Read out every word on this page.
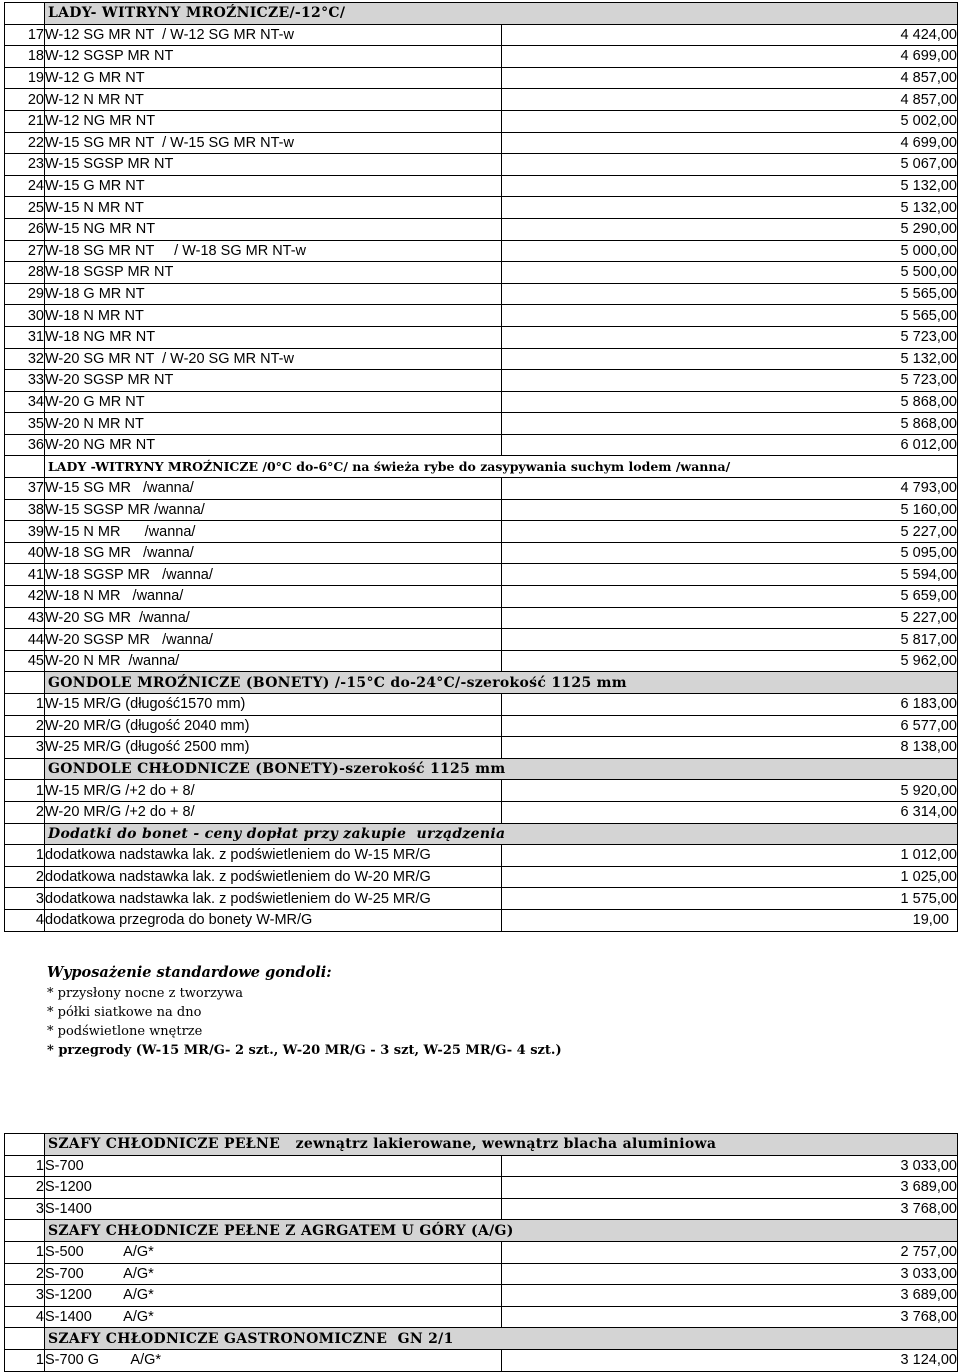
	LADY- WITRYNY MROŹNICZE/-12°C/	
17	W-12 SG MR NT  / W-12 SG MR NT-w	4 424,00
18	W-12 SGSP MR NT	4 699,00
19	W-12 G MR NT	4 857,00
20	W-12 N MR NT	4 857,00
21	W-12 NG MR NT	5 002,00
22	W-15 SG MR NT  / W-15 SG MR NT-w	4 699,00
23	W-15 SGSP MR NT	5 067,00
24	W-15 G MR NT	5 132,00
25	W-15 N MR NT	5 132,00
26	W-15 NG MR NT	5 290,00
27	W-18 SG MR NT     / W-18 SG MR NT-w	5 000,00
28	W-18 SGSP MR NT	5 500,00
29	W-18 G MR NT	5 565,00
30	W-18 N MR NT	5 565,00
31	W-18 NG MR NT	5 723,00
32	W-20 SG MR NT  / W-20 SG MR NT-w	5 132,00
33	W-20 SGSP MR NT	5 723,00
34	W-20 G MR NT	5 868,00
35	W-20 N MR NT	5 868,00
36	W-20 NG MR NT	6 012,00
	LADY -WITRYNY MROŹNICZE /0°C do-6°C/ na świeża rybe do zasypywania suchym lodem /wanna/	
37	W-15 SG MR   /wanna/	4 793,00
38	W-15 SGSP MR /wanna/	5 160,00
39	W-15 N MR      /wanna/	5 227,00
40	W-18 SG MR   /wanna/	5 095,00
41	W-18 SGSP MR   /wanna/	5 594,00
42	W-18 N MR   /wanna/	5 659,00
43	W-20 SG MR  /wanna/	5 227,00
44	W-20 SGSP MR   /wanna/	5 817,00
45	W-20 N MR  /wanna/	5 962,00
	GONDOLE MROŹNICZE (BONETY) /-15°C do-24°C/-szerokość 1125 mm	
1	W-15 MR/G (długość1570 mm)	6 183,00
2	W-20 MR/G (długość 2040 mm)	6 577,00
3	W-25 MR/G (długość 2500 mm)	8 138,00
	GONDOLE CHŁODNICZE (BONETY)-szerokość 1125 mm	
1	W-15 MR/G /+2 do + 8/	5 920,00
2	W-20 MR/G /+2 do + 8/	6 314,00
	Dodatki do bonet - ceny dopłat przy zakupie  urządzenia	
1	dodatkowa nadstawka lak. z podświetleniem do W-15 MR/G	1 012,00
2	dodatkowa nadstawka lak. z podświetleniem do W-20 MR/G	1 025,00
3	dodatkowa nadstawka lak. z podświetleniem do W-25 MR/G	1 575,00
4	dodatkowa przegroda do bonety W-MR/G	19,00
Wyposażenie standardowe gondoli:
* przysłony nocne z tworzywa
* półki siatkowe na dno
* podświetlone wnętrze
* przegrody (W-15 MR/G- 2 szt., W-20 MR/G - 3 szt, W-25 MR/G- 4 szt.)
	SZAFY CHŁODNICZE PEŁNE   zewnątrz lakierowane, wewnątrz blacha aluminiowa	
1	S-700	3 033,00
2	S-1200	3 689,00
3	S-1400	3 768,00
	SZAFY CHŁODNICZE PEŁNE Z AGRGATEM U GÓRY (A/G)	
1	S-500          A/G*	2 757,00
2	S-700          A/G*	3 033,00
3	S-1200        A/G*	3 689,00
4	S-1400        A/G*	3 768,00
	SZAFY CHŁODNICZE GASTRONOMICZNE  GN 2/1	
1	S-700 G        A/G*	3 124,00
